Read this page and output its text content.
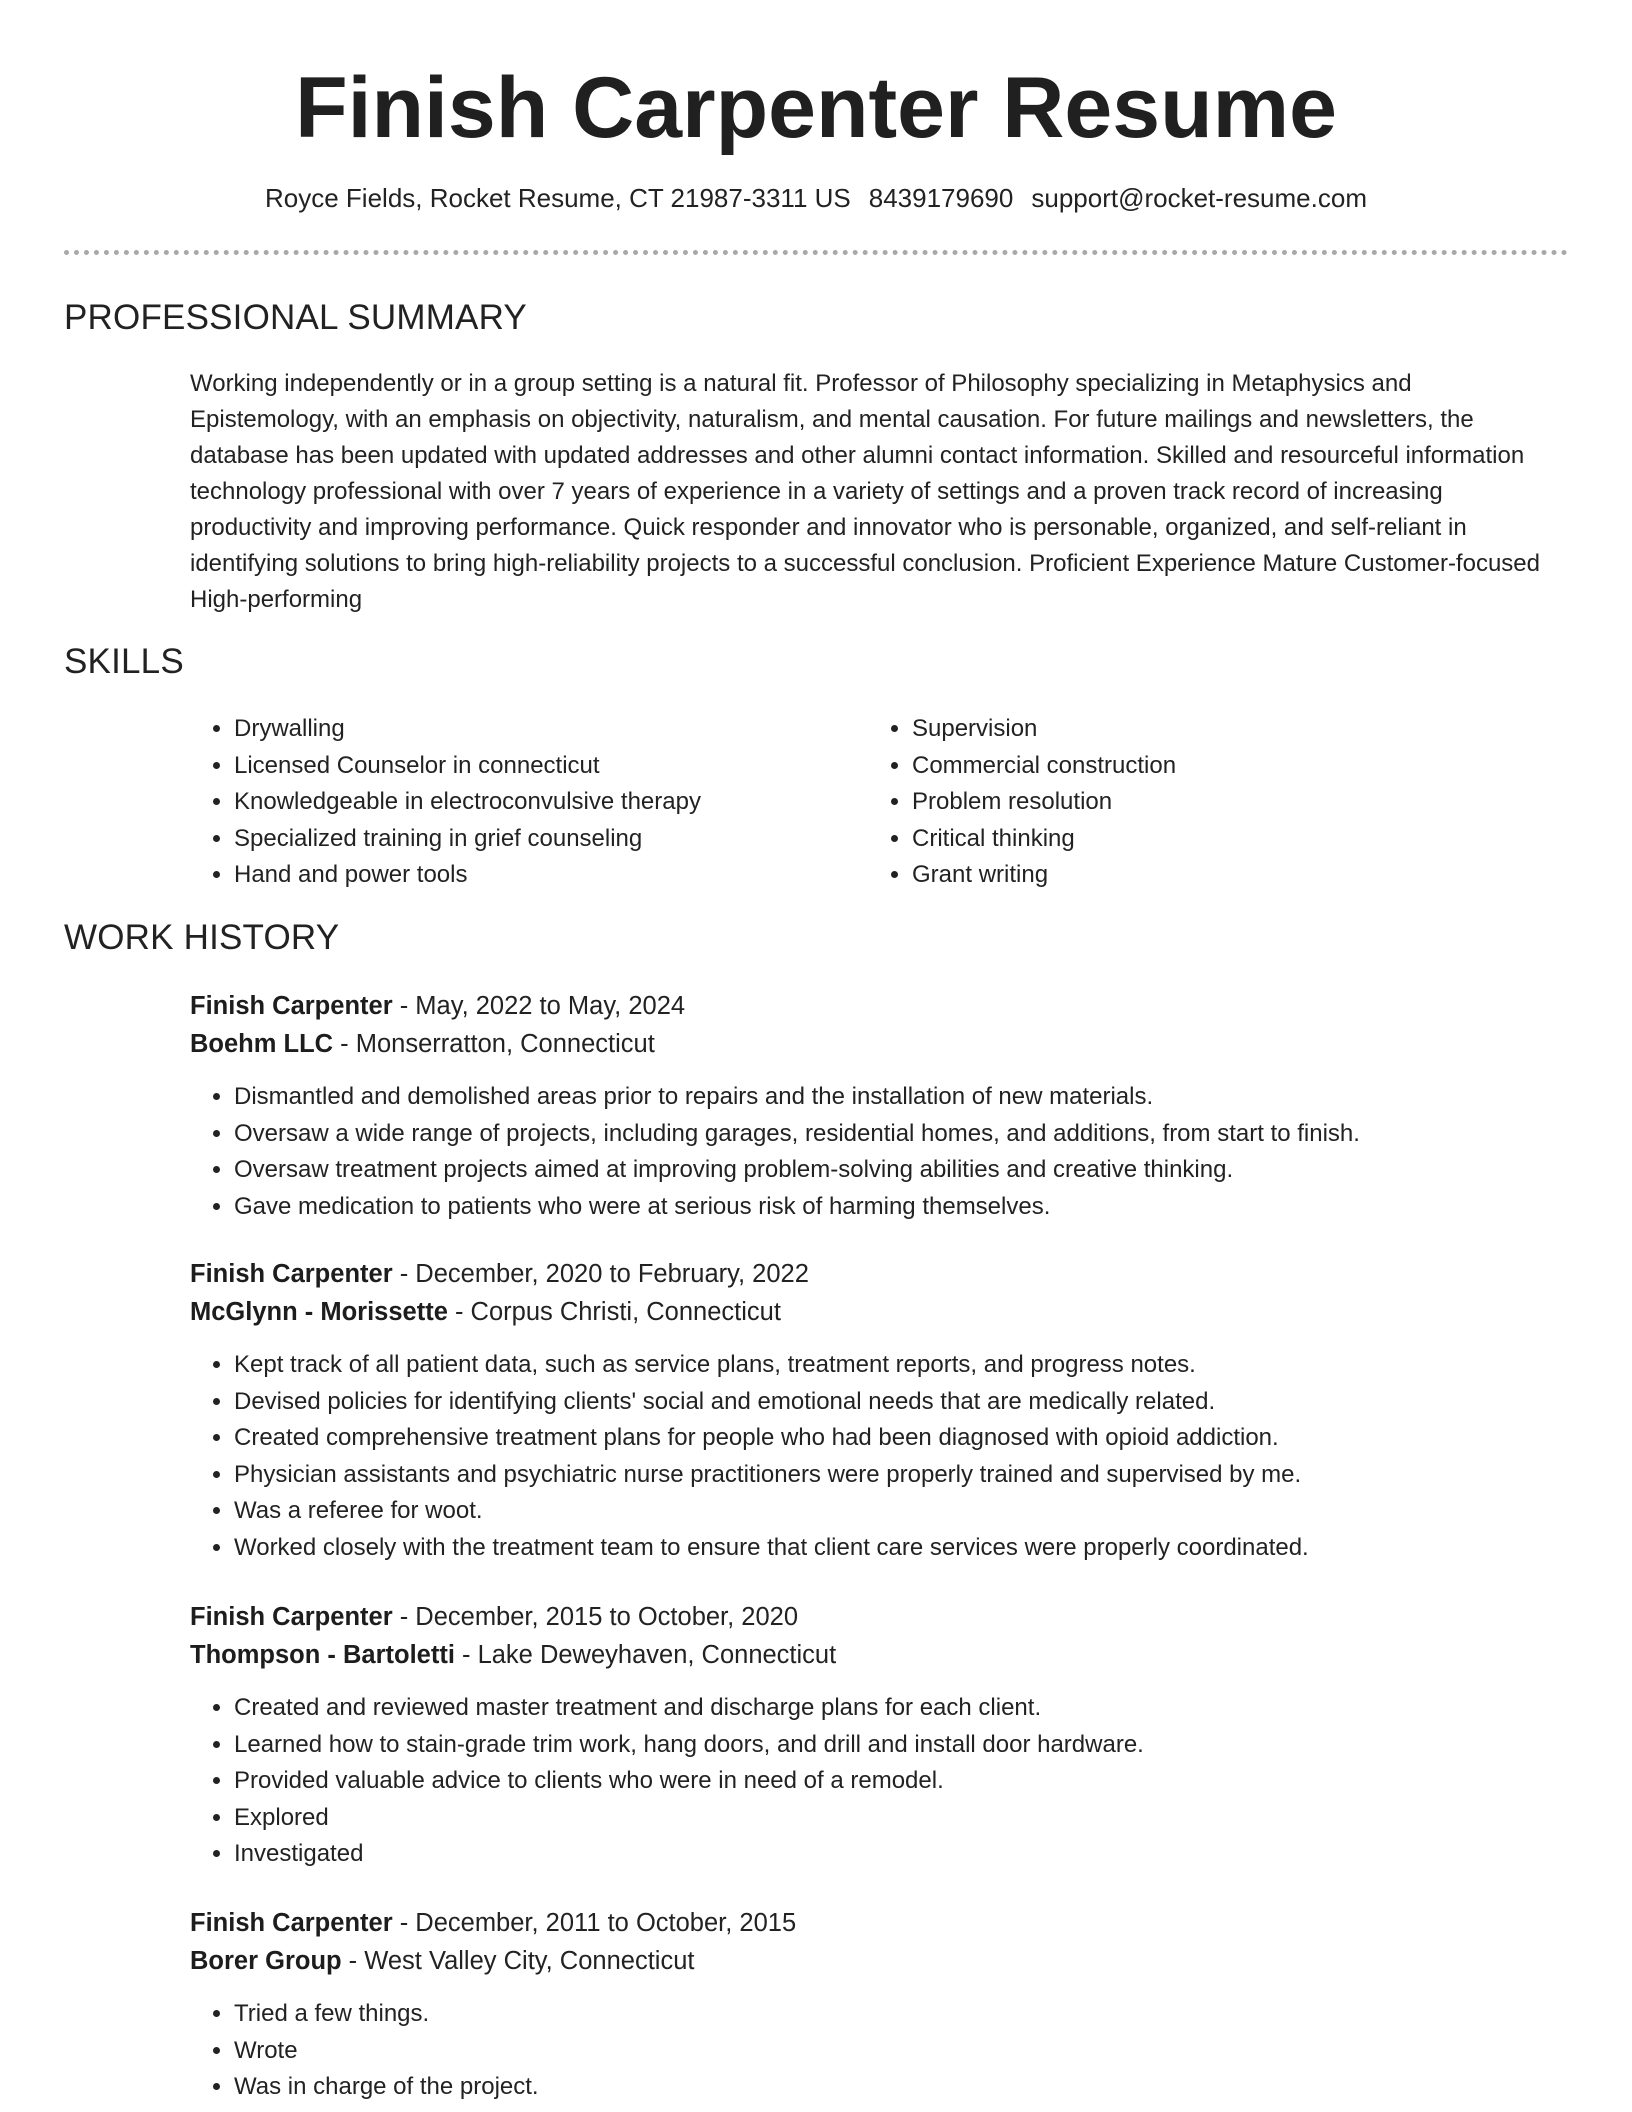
Finish Carpenter Resume
Royce Fields, Rocket Resume, CT 21987-3311 US 8439179690 support@rocket-resume.com
PROFESSIONAL SUMMARY

Working independently or in a group setting is a natural fit. Professor of Philosophy specializing in Metaphysics and Epistemology, with an emphasis on objectivity, naturalism, and mental causation. For future mailings and newsletters, the database has been updated with updated addresses and other alumni contact information. Skilled and resourceful information technology professional with over 7 years of experience in a variety of settings and a proven track record of increasing productivity and improving performance. Quick responder and innovator who is personable, organized, and self-reliant in identifying solutions to bring high-reliability projects to a successful conclusion. Proficient Experience Mature Customer-focused High-performing

SKILLS
• Drywalling
• Licensed Counselor in connecticut
• Knowledgeable in electroconvulsive therapy
• Specialized training in grief counseling
• Hand and power tools
• Supervision
• Commercial construction
• Problem resolution
• Critical thinking
• Grant writing
WORK HISTORY
Finish Carpenter - May, 2022 to May, 2024
Boehm LLC - Monserratton, Connecticut
• Dismantled and demolished areas prior to repairs and the installation of new materials.
• Oversaw a wide range of projects, including garages, residential homes, and additions, from start to finish.
• Oversaw treatment projects aimed at improving problem-solving abilities and creative thinking.
• Gave medication to patients who were at serious risk of harming themselves.
Finish Carpenter - December, 2020 to February, 2022
McGlynn - Morissette - Corpus Christi, Connecticut
• Kept track of all patient data, such as service plans, treatment reports, and progress notes.
• Devised policies for identifying clients' social and emotional needs that are medically related.
• Created comprehensive treatment plans for people who had been diagnosed with opioid addiction.
• Physician assistants and psychiatric nurse practitioners were properly trained and supervised by me.
• Was a referee for woot.
• Worked closely with the treatment team to ensure that client care services were properly coordinated.
Finish Carpenter - December, 2015 to October, 2020
Thompson - Bartoletti - Lake Deweyhaven, Connecticut
• Created and reviewed master treatment and discharge plans for each client.
• Learned how to stain-grade trim work, hang doors, and drill and install door hardware.
• Provided valuable advice to clients who were in need of a remodel.
• Explored
• Investigated
Finish Carpenter - December, 2011 to October, 2015
Borer Group - West Valley City, Connecticut
• Tried a few things.
• Wrote
• Was in charge of the project.
